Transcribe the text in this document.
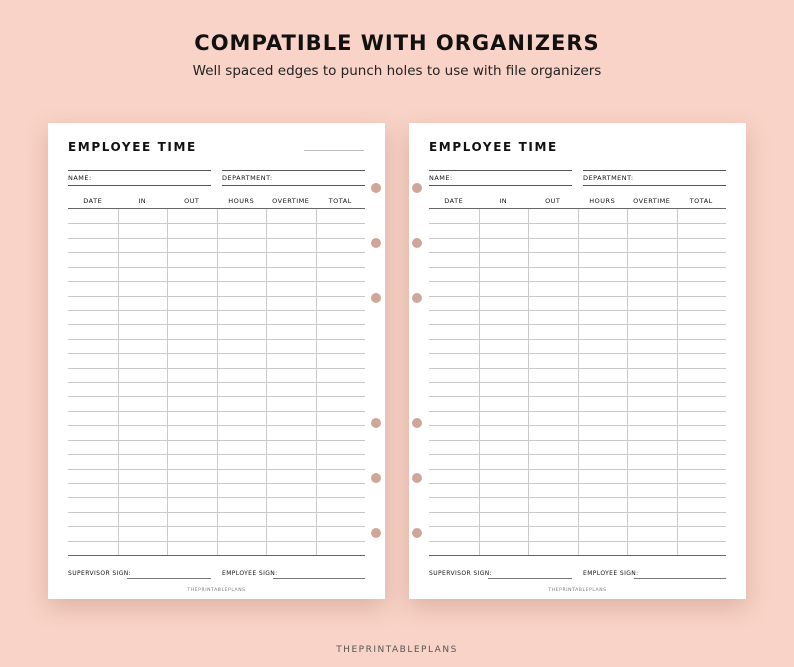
COMPATIBLE WITH ORGANIZERS
Well spaced edges to punch holes to use with file organizers
EMPLOYEE TIME
NAME:	DEPARTMENT:
DATE	IN	OUT	HOURS	OVERTIME	TOTAL
SUPERVISOR SIGN:	EMPLOYEE SIGN:
THEPRINTABLEPLANS
EMPLOYEE TIME
NAME:	DEPARTMENT:
DATE	IN	OUT	HOURS	OVERTIME	TOTAL
SUPERVISOR SIGN:	EMPLOYEE SIGN:
THEPRINTABLEPLANS
THEPRINTABLEPLANS
